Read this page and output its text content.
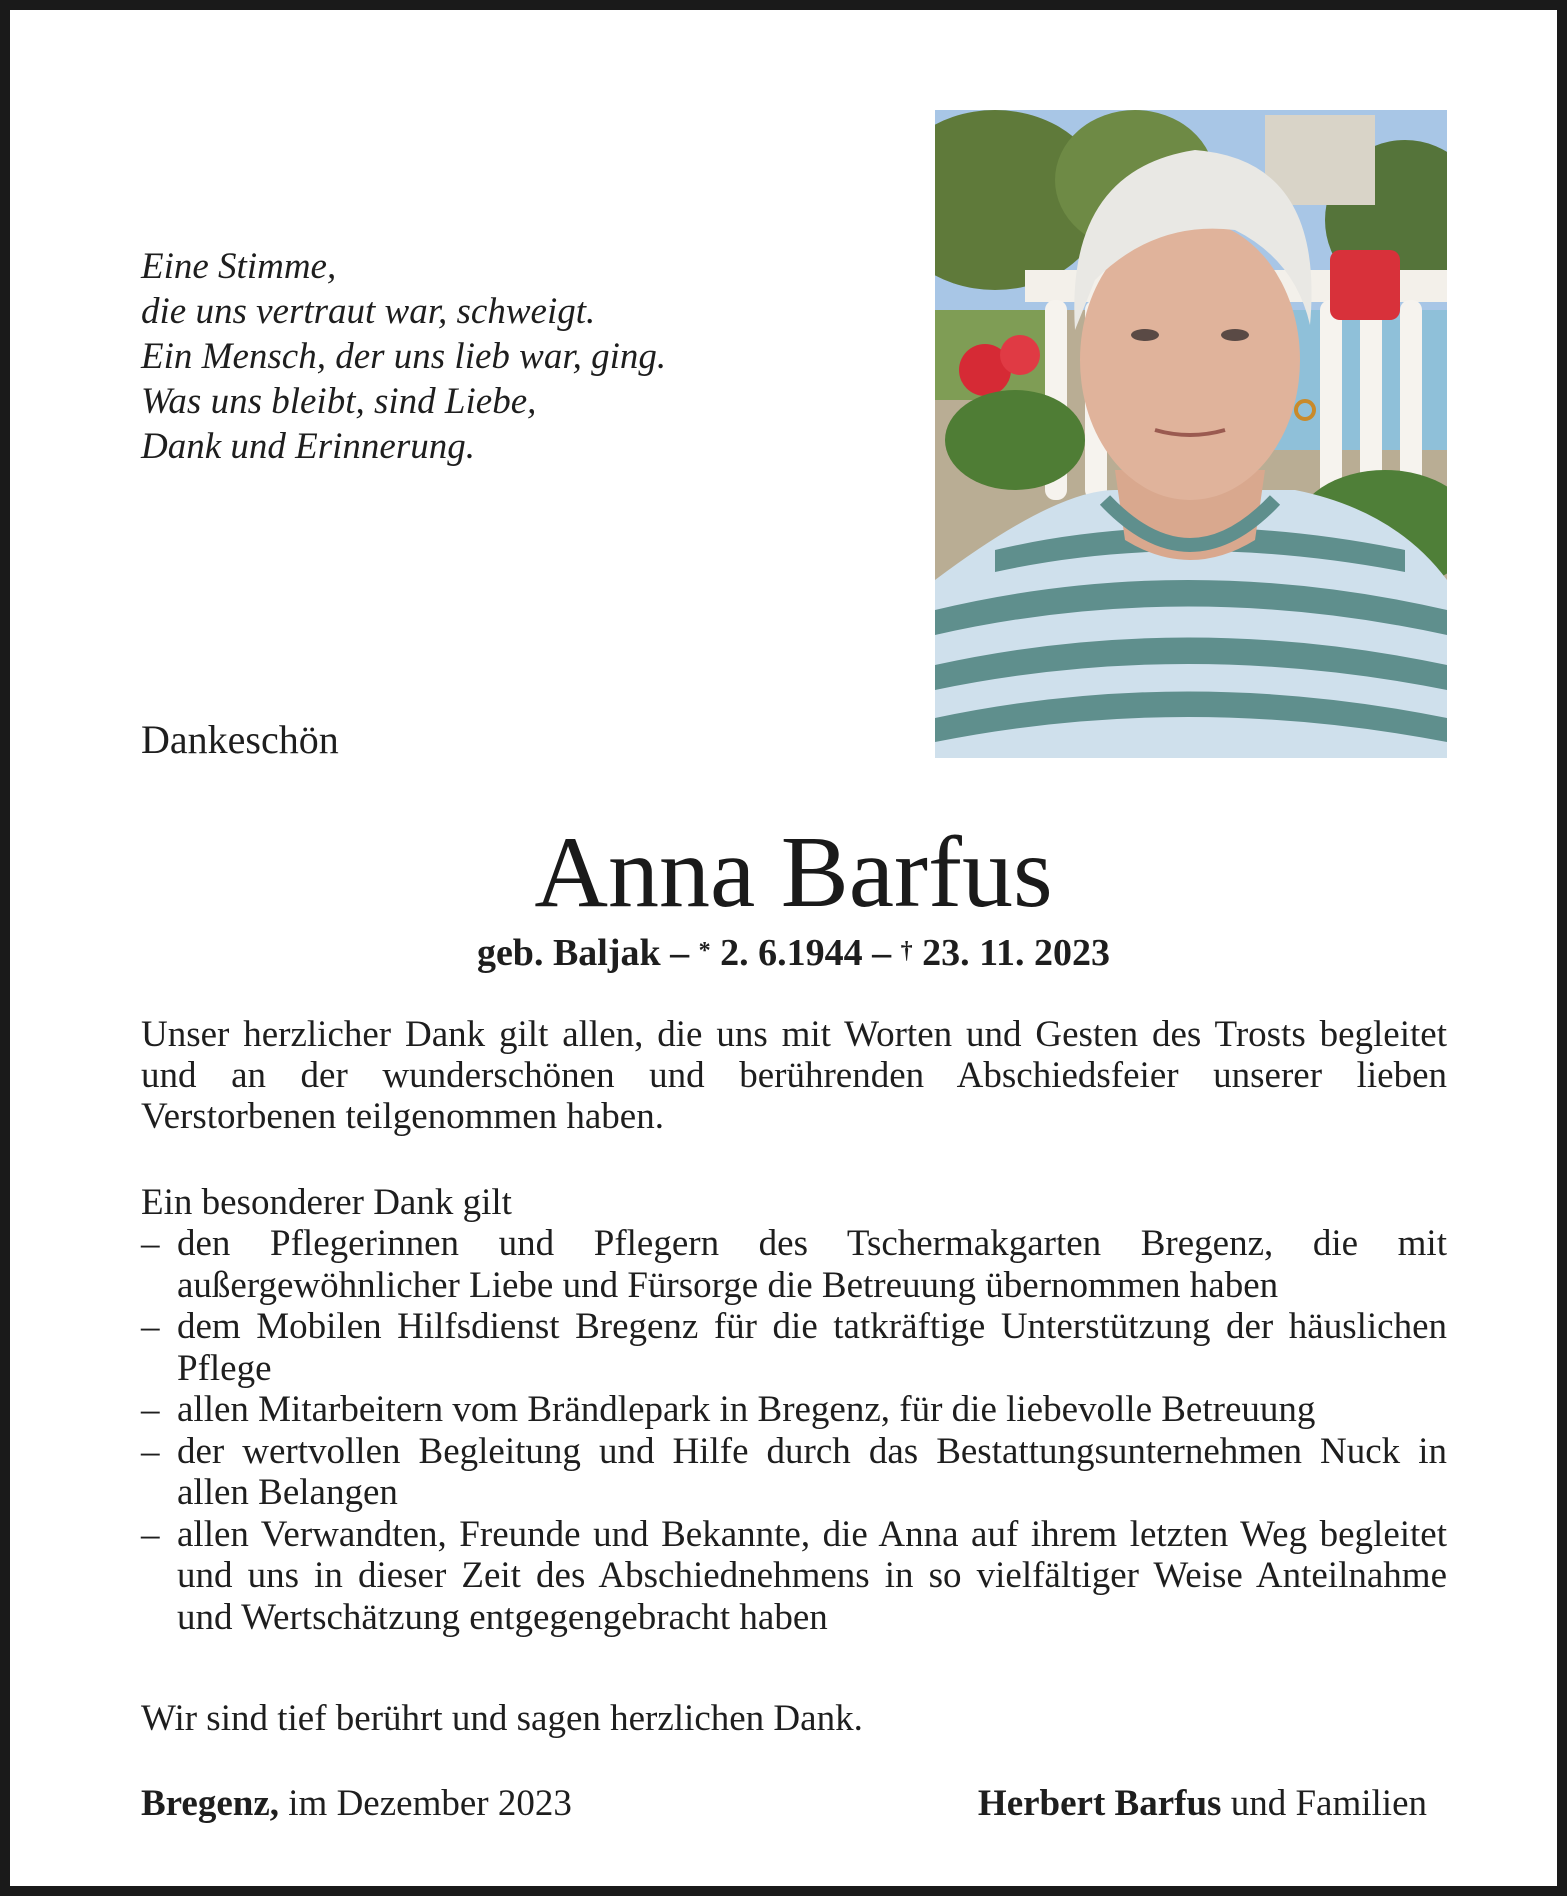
Eine Stimme,
die uns vertraut war, schweigt.
Ein Mensch, der uns lieb war, ging.
Was uns bleibt, sind Liebe,
Dank und Erinnerung.
Dankeschön
Anna Barfus
geb. Baljak – * 2. 6.1944 – † 23. 11. 2023
Unser herzlicher Dank gilt allen, die uns mit Worten und Gesten des Trosts begleitet und an der wunderschönen und berührenden Abschiedsfeier unserer lieben Verstorbenen teilgenommen haben.
Ein besonderer Dank gilt
– den Pflegerinnen und Pflegern des Tschermakgarten Bregenz, die mit außergewöhnlicher Liebe und Fürsorge die Betreuung übernommen haben
– dem Mobilen Hilfsdienst Bregenz für die tatkräftige Unterstützung der häuslichen Pflege
– allen Mitarbeitern vom Brändlepark in Bregenz, für die liebevolle Betreuung
– der wertvollen Begleitung und Hilfe durch das Bestattungsunternehmen Nuck in allen Belangen
– allen Verwandten, Freunde und Bekannte, die Anna auf ihrem letzten Weg begleitet und uns in dieser Zeit des Abschiednehmens in so vielfältiger Weise Anteilnahme und Wertschätzung entgegengebracht haben
Wir sind tief berührt und sagen herzlichen Dank.
Bregenz, im Dezember 2023	Herbert Barfus und Familien
